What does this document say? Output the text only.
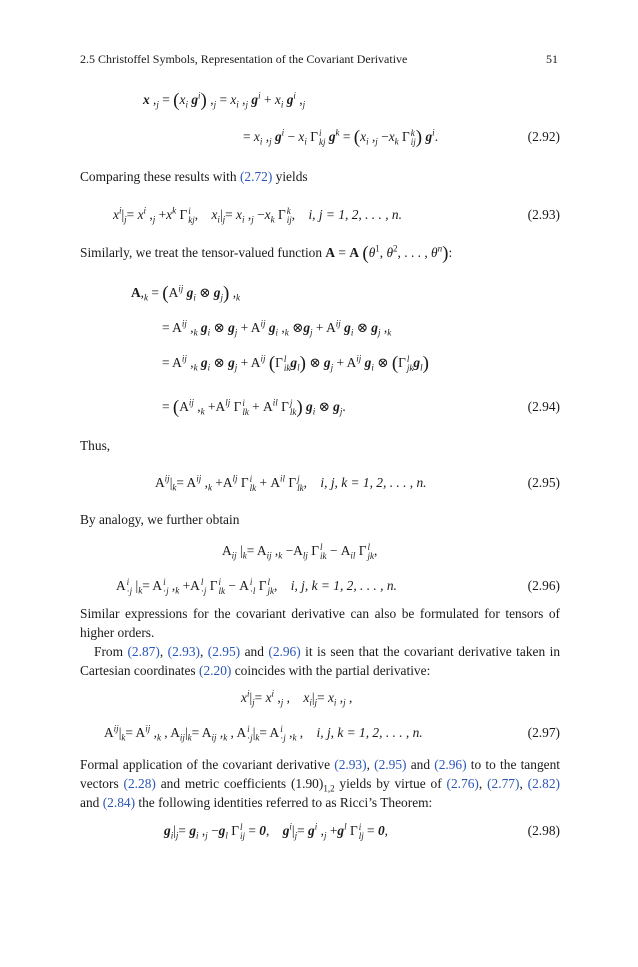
2.5 Christoffel Symbols, Representation of the Covariant Derivative	51
x $,_j = (x_i$ $g^i$) $,_j = x_i$ $,_j$ $g^i + x_i$ $g^i$ $,_j$
= $x_i$ $,_j$ $g^i - x_i$ Γ i
kj $g^k = (x_i$ $,_j -x_k$ Γ k
ij ) $g^i$.	(2.92)
Comparing these results with (2.72) yields
$x^i|_j= x^i$ $,_j +x^k$ Γ i
kj ,    $x_i|_j= x_i$ $,_j -x_k$ Γ k
ij ,    i, j = 1, 2, . . . , n.	(2.93)
Similarly, we treat the tensor-valued function A = A ($\theta^1$, $\theta^2$, . . . , $\theta^n$):
$A,_k = (A^{ij}$ $g_i$ ⊗ $g_j$) $,_k$
= $A^{ij}$ $,_k$ $g_i$ ⊗ $g_j + A^{ij}$ $g_i$ $,_k$ $\otimes g_j + A^{ij}$ $g_i$ ⊗ $g_j$ $,_k$
= $A^{ij}$ $,_k$ $g_i$ ⊗ $g_j + A^{ij}$ (Γ l
ik $g_l$) ⊗ $g_j + A^{ij}$ $g_i$ ⊗ (Γ l
jk $g_l$)
= ($A^{ij}$ $,_k +A^{lj}$ Γ i
lk + $A^{il}$ Γ j
lk ) $g_i$ ⊗ $g_j$.	(2.94)
Thus,
$A^{ij}|_k= A^{ij}$ $,_k +A^{lj}$ Γ i
lk + $A^{il}$ Γ j
lk ,    i, j, k = 1, 2, . . . , n.	(2.95)
By analogy, we further obtain
$A_{ij}$ $|_k= A_{ij}$ $,_k -A_{lj}$ Γ l
ik − $A_{il}$ Γ l
jk ,
A i
·j $|_k= A$ i
·j $,_k +A$ l
·j Γ i
lk − A i
·l Γ l
jk ,    i, j, k = 1, 2, . . . , n.	(2.96)
Similar expressions for the covariant derivative can also be formulated for tensors of higher orders.
From (2.87), (2.93), (2.95) and (2.96) it is seen that the covariant derivative taken in Cartesian coordinates (2.20) coincides with the partial derivative:
$x^i|_j= x^i$ $,_j$ ,    $x_i|_j= x_i$ $,_j$ ,
$A^{ij}|_k= A^{ij}$ $,_k$ , $A_{ij}|_k= A_{ij}$ $,_k$ , A i
·j $|_k= A$ i
·j $,_k$ ,    i, j, k = 1, 2, . . . , n.	(2.97)
Formal application of the covariant derivative (2.93), (2.95) and (2.96) to to the tangent vectors (2.28) and metric coefficients $(1.90)_{1,2}$ yields by virtue of (2.76), (2.77), (2.82) and (2.84) the following identities referred to as Ricci’s Theorem:
$g_i|_j= g_i$ $,_j -g_l$ Γ l
ij = 0,    $g^i|_j= g^i$ $,_j +g^l$ Γ i
lj = 0,	(2.98)
